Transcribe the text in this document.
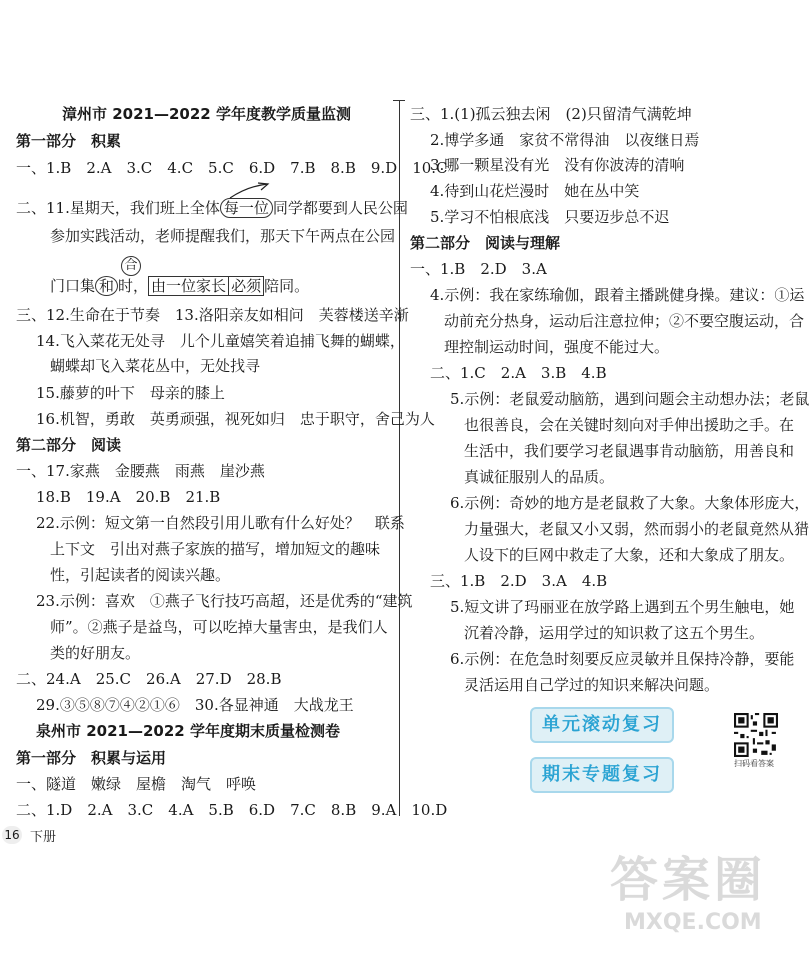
漳州市 2021—2022 学年度教学质量监测
第一部分　积累
一、1.B　2.A　3.C　4.C　5.C　6.D　7.B　8.B　9.D　10.C
二、11.星期天，我们班上全体 每一位 同学都要到人民公园
参加实践活动，老师提醒我们，那天下午两点在公园
合
门口集 和 时， 由一位家长 必须 陪同。
三、12.生命在于节奏　13.洛阳亲友如相问　芙蓉楼送辛渐
14.飞入菜花无处寻　儿个儿童嬉笑着追捕飞舞的蝴蝶，
蝴蝶却飞入菜花丛中，无处找寻
15.藤萝的叶下　母亲的膝上
16.机智，勇敢　英勇顽强，视死如归　忠于职守，舍己为人
第二部分　阅读
一、17.家燕　金腰燕　雨燕　崖沙燕
18.B　19.A　20.B　21.B
22.示例：短文第一自然段引用儿歌有什么好处？　联系
上下文　引出对燕子家族的描写，增加短文的趣味
性，引起读者的阅读兴趣。
23.示例：喜欢　①燕子飞行技巧高超，还是优秀的“建筑
师”。②燕子是益鸟，可以吃掉大量害虫，是我们人
类的好朋友。
二、24.A　25.C　26.A　27.D　28.B
29.③⑤⑧⑦④②①⑥　30.各显神通　大战龙王
泉州市 2021—2022 学年度期末质量检测卷
第一部分　积累与运用
一、隧道　嫩绿　屋檐　淘气　呼唤
二、1.D　2.A　3.C　4.A　5.B　6.D　7.C　8.B　9.A　10.D
三、1.(1)孤云独去闲　(2)只留清气满乾坤
2.博学多通　家贫不常得油　以夜继日焉
3.哪一颗星没有光　没有你波涛的清响
4.待到山花烂漫时　她在丛中笑
5.学习不怕根底浅　只要迈步总不迟
第二部分　阅读与理解
一、1.B　2.D　3.A
4.示例：我在家练瑜伽，跟着主播跳健身操。建议：①运
动前充分热身，运动后注意拉伸；②不要空腹运动，合
理控制运动时间，强度不能过大。
二、1.C　2.A　3.B　4.B
5.示例：老鼠爱动脑筋，遇到问题会主动想办法；老鼠
也很善良，会在关键时刻向对手伸出援助之手。在
生活中，我们要学习老鼠遇事肯动脑筋，用善良和
真诚征服别人的品质。
6.示例：奇妙的地方是老鼠救了大象。大象体形庞大，
力量强大，老鼠又小又弱，然而弱小的老鼠竟然从猎
人设下的巨网中救走了大象，还和大象成了朋友。
三、1.B　2.D　3.A　4.B
5.短文讲了玛丽亚在放学路上遇到五个男生触电，她
沉着冷静，运用学过的知识救了这五个男生。
6.示例：在危急时刻要反应灵敏并且保持冷静，要能
灵活运用自己学过的知识来解决问题。
单元滚动复习
期末专题复习
扫码看答案
16 下册
答案圈
MXQE.COM
